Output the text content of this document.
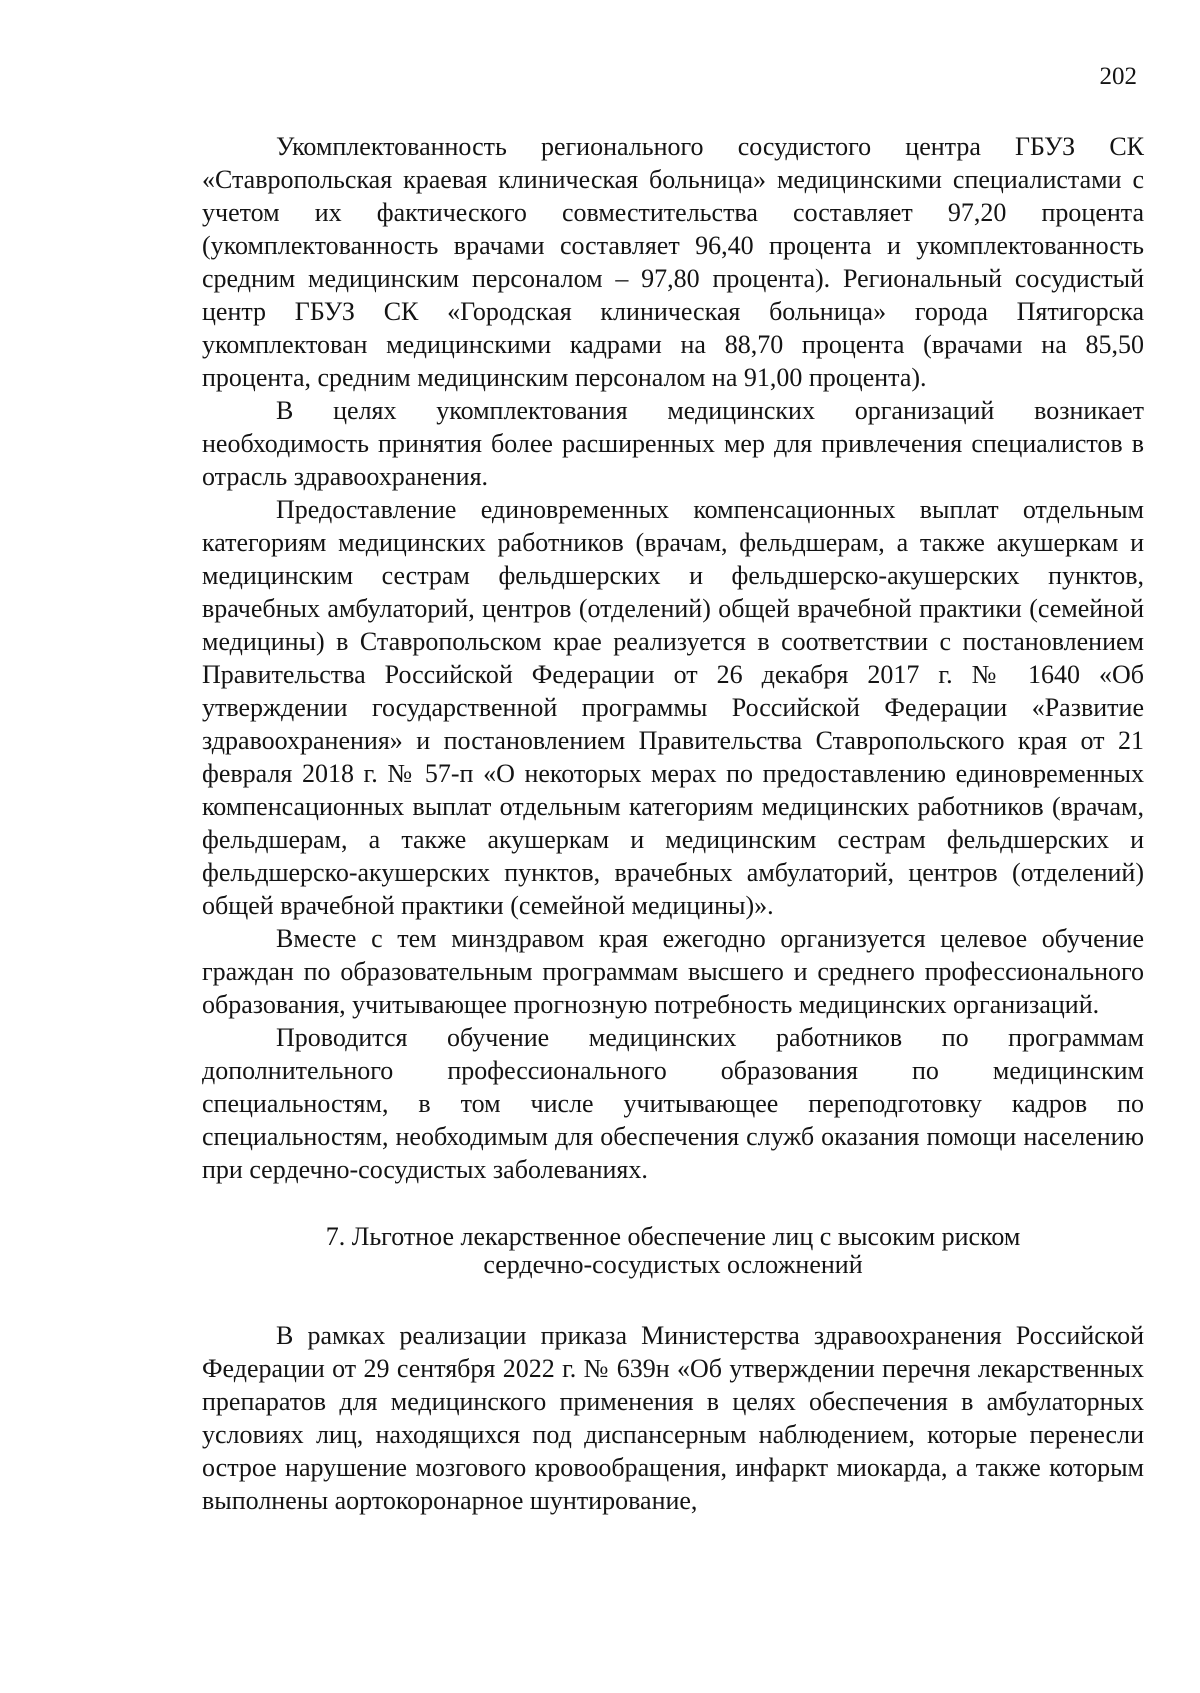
202

Укомплектованность регионального сосудистого центра ГБУЗ СК «Ставропольская краевая клиническая больница» медицинскими специалистами с учетом их фактического совместительства составляет 97,20 процента (укомплектованность врачами составляет 96,40 процента и укомплектованность средним медицинским персоналом – 97,80 процента). Региональный сосудистый центр ГБУЗ СК «Городская клиническая больница» города Пятигорска укомплектован медицинскими кадрами на 88,70 процента (врачами на 85,50 процента, средним медицинским персоналом на 91,00 процента).

В целях укомплектования медицинских организаций возникает необходимость принятия более расширенных мер для привлечения специалистов в отрасль здравоохранения.

Предоставление единовременных компенсационных выплат отдельным категориям медицинских работников (врачам, фельдшерам, а также акушеркам и медицинским сестрам фельдшерских и фельдшерско-акушерских пунктов, врачебных амбулаторий, центров (отделений) общей врачебной практики (семейной медицины) в Ставропольском крае реализуется в соответствии с постановлением Правительства Российской Федерации от 26 декабря 2017 г. № 1640 «Об утверждении государственной программы Российской Федерации «Развитие здравоохранения» и постановлением Правительства Ставропольского края от 21 февраля 2018 г. № 57-п «О некоторых мерах по предоставлению единовременных компенсационных выплат отдельным категориям медицинских работников (врачам, фельдшерам, а также акушеркам и медицинским сестрам фельдшерских и фельдшерско-акушерских пунктов, врачебных амбулаторий, центров (отделений) общей врачебной практики (семейной медицины)».

Вместе с тем минздравом края ежегодно организуется целевое обучение граждан по образовательным программам высшего и среднего профессионального образования, учитывающее прогнозную потребность медицинских организаций.

Проводится обучение медицинских работников по программам дополнительного профессионального образования по медицинским специальностям, в том числе учитывающее переподготовку кадров по специальностям, необходимым для обеспечения служб оказания помощи населению при сердечно-сосудистых заболеваниях.

7. Льготное лекарственное обеспечение лиц с высоким риском
сердечно-сосудистых осложнений

В рамках реализации приказа Министерства здравоохранения Российской Федерации от 29 сентября 2022 г. № 639н «Об утверждении перечня лекарственных препаратов для медицинского применения в целях обеспечения в амбулаторных условиях лиц, находящихся под диспансерным наблюдением, которые перенесли острое нарушение мозгового кровообращения, инфаркт миокарда, а также которым выполнены аортокоронарное шунтирование,
